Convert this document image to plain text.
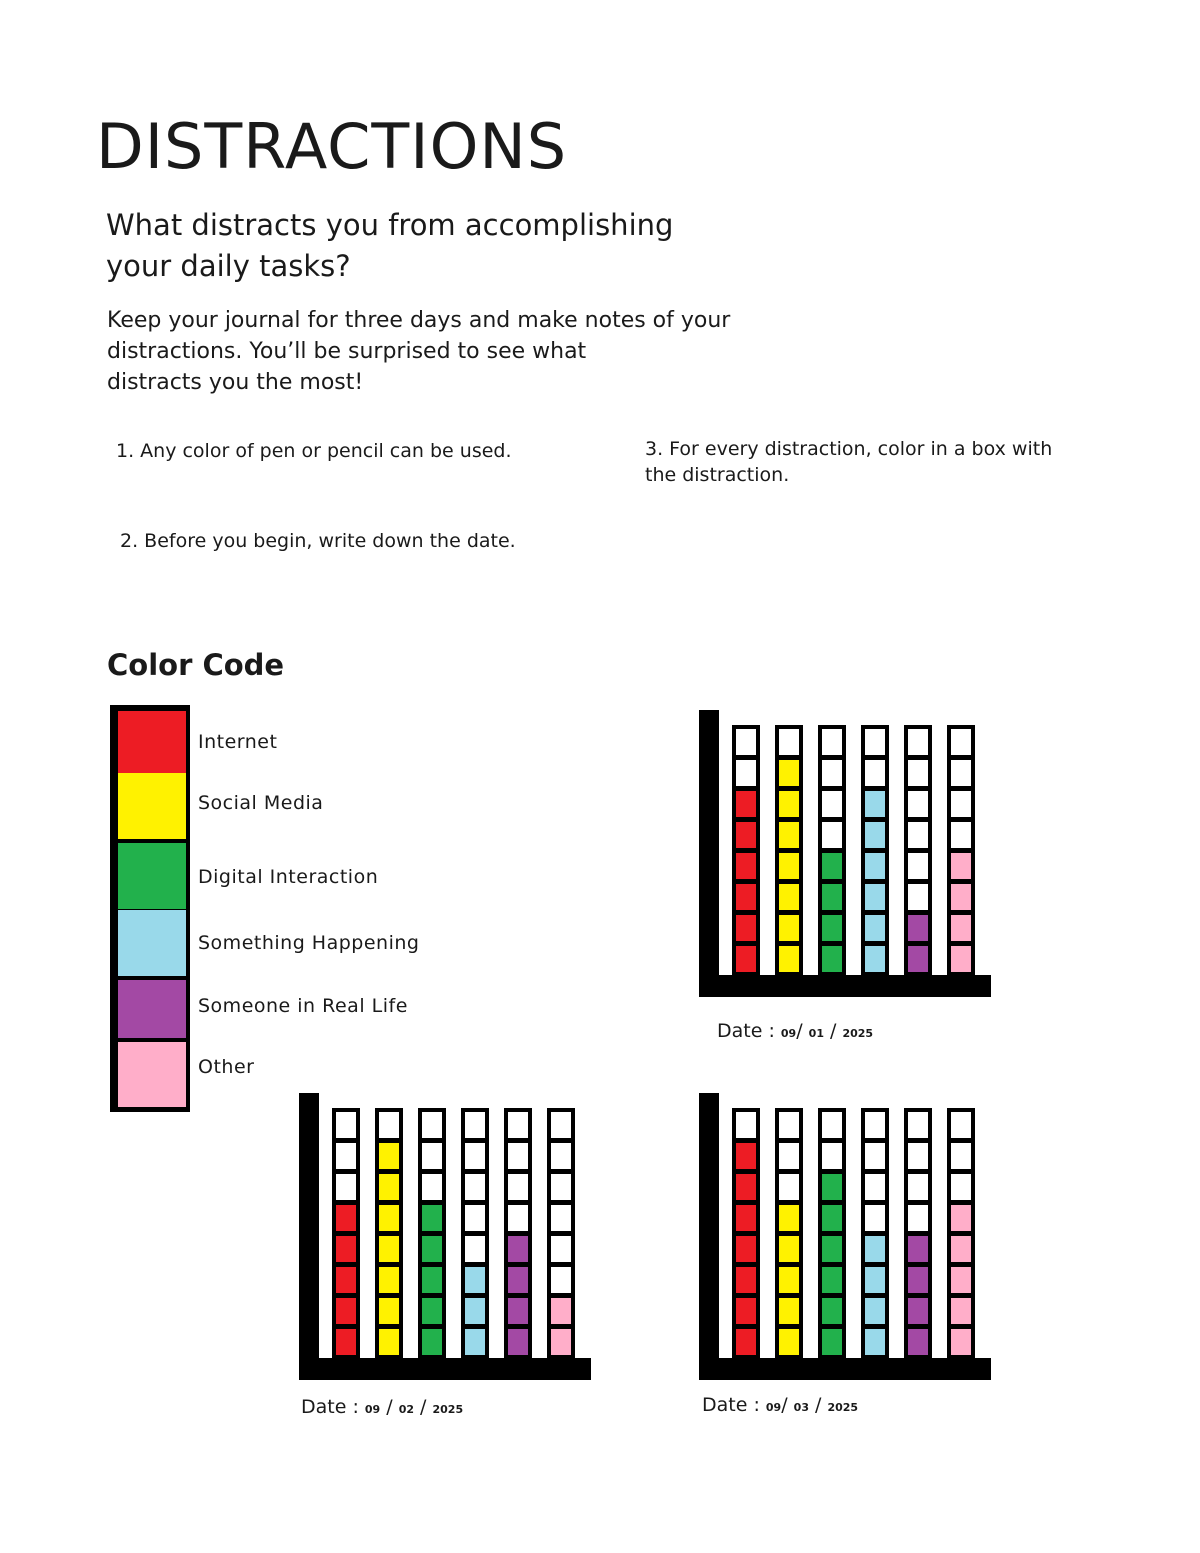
DISTRACTIONS
What distracts you from accomplishing
your daily tasks?
Keep your journal for three days and make notes of your
distractions. You’ll be surprised to see what
distracts you the most!
1. Any color of pen or pencil can be used.
2. Before you begin, write down the date.
3. For every distraction, color in a box with
the distraction.
Color Code
Internet
Social Media
Digital Interaction
Something Happening
Someone in Real Life
Other
Date : 09/ 01 / 2025
Date : 09 / 02 / 2025	Date : 09/ 03 / 2025
